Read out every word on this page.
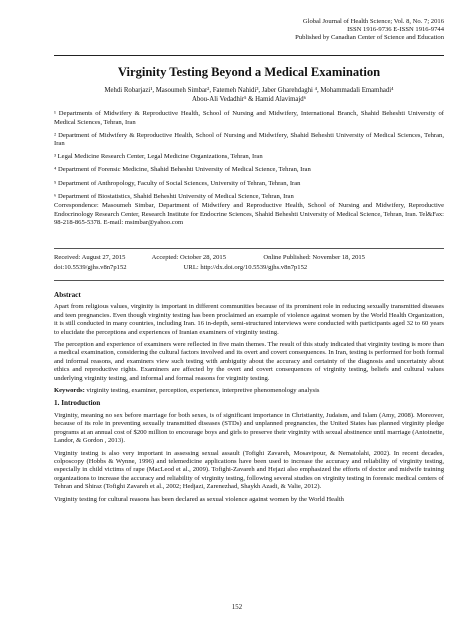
Global Journal of Health Science; Vol. 8, No. 7; 2016
ISSN 1916-9736 E-ISSN 1916-9744
Published by Canadian Center of Science and Education
Virginity Testing Beyond a Medical Examination
Mehdi Robarjazi¹, Masoumeh Simbar², Fatemeh Nahidi³, Jaber Gharehdaghi ⁴, Mohammadali Emamhadi⁴
Abou-Ali Vedadhir⁵ & Hamid Alavimajd⁶

¹ Departments of Midwifery & Reproductive Health, School of Nursing and Midwifery, International Branch, Shahid Beheshti University of Medical Sciences, Tehran, Iran

² Department of Midwifery & Reproductive Health, School of Nursing and Midwifery, Shahid Beheshti University of Medical Sciences, Tehran, Iran

³ Legal Medicine Research Center, Legal Medicine Organizations, Tehran, Iran

⁴ Department of Forensic Medicine, Shahid Beheshti University of Medical Science, Tehran, Iran

⁵ Department of Anthropology, Faculty of Social Sciences, University of Tehran, Tehran, Iran

⁶ Department of Biostatistics, Shahid Beheshti University of Medical Science, Tehran, Iran

Correspondence: Masoumeh Simbar, Department of Midwifery and Reproductive Health, School of Nursing and Midwifery, Reproductive Endocrinology Research Center, Research Institute for Endocrine Sciences, Shahid Beheshti University of Medical Science, Tehran, Iran. Tel&Fax: 98-218-865-5378. E-mail: msimbar@yahoo.com
Received: August 27, 2015	Accepted: October 28, 2015	Online Published: November 18, 2015
doi:10.5539/gjhs.v8n7p152	URL: http://dx.doi.org/10.5539/gjhs.v8n7p152
Abstract

Apart from religious values, virginity is important in different communities because of its prominent role in reducing sexually transmitted diseases and teen pregnancies. Even though virginity testing has been proclaimed an example of violence against women by the World Health Organization, it is still conducted in many countries, including Iran. 16 in-depth, semi-structured interviews were conducted with participants aged 32 to 60 years to elucidate the perceptions and experiences of Iranian examiners of virginity testing.

The perception and experience of examiners were reflected in five main themes. The result of this study indicated that virginity testing is more than a medical examination, considering the cultural factors involved and its overt and covert consequences. In Iran, testing is performed for both formal and informal reasons, and examiners view such testing with ambiguity about the accuracy and certainty of the diagnosis and uncertainty about ethics and reproductive rights. Examiners are affected by the overt and covert consequences of virginity testing, beliefs and cultural values underlying virginity testing, and informal and formal reasons for virginity testing.

Keywords: virginity testing, examiner, perception, experience, interpretive phenomenology analysis

1. Introduction

Virginity, meaning no sex before marriage for both sexes, is of significant importance in Christianity, Judaism, and Islam (Amy, 2008). Moreover, because of its role in preventing sexually transmitted diseases (STDs) and unplanned pregnancies, the United States has planned virginity pledge programs at an annual cost of $200 million to encourage boys and girls to preserve their virginity with sexual abstinence until marriage (Antoinette, Landor, & Gordon , 2013).

Virginity testing is also very important in assessing sexual assault (Tofighi Zavareh, Mosavipour, & Nematolahi, 2002). In recent decades, colposcopy (Hobbs & Wynne, 1996) and telemedicine applications have been used to increase the accuracy and reliability of virginity testing, especially in child victims of rape (MacLeod et al., 2009). Tofighi-Zavareh and Hejazi also emphasized the efforts of doctor and midwife training organizations to increase the accuracy and reliability of virginity testing, following several studies on virginity testing in forensic medical centers of Tehran and Shiraz (Tofighi Zavareh et al., 2002; Hedjazi, Zarenezhad, Shaykh Azadi, & Valie, 2012).

Virginity testing for cultural reasons has been declared as sexual violence against women by the World Health

152
